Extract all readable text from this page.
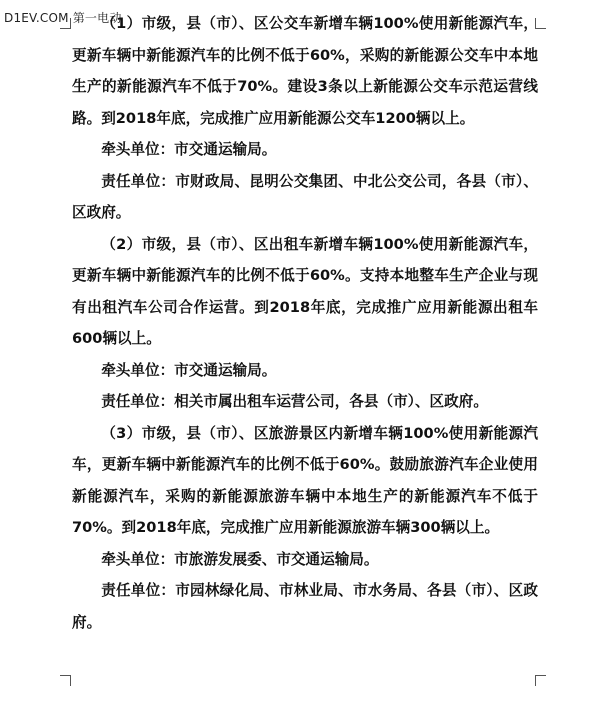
D1EV.COM 第一电动

（1）市级，县（市）、区公交车新增车辆100%使用新能源汽车，更新车辆中新能源汽车的比例不低于60%，采购的新能源公交车中本地生产的新能源汽车不低于70%。建设3条以上新能源公交车示范运营线路。到2018年底，完成推广应用新能源公交车1200辆以上。

牵头单位：市交通运输局。

责任单位：市财政局、昆明公交集团、中北公交公司，各县（市）、区政府。

（2）市级，县（市）、区出租车新增车辆100%使用新能源汽车，更新车辆中新能源汽车的比例不低于60%。支持本地整车生产企业与现有出租汽车公司合作运营。到2018年底，完成推广应用新能源出租车600辆以上。

牵头单位：市交通运输局。

责任单位：相关市属出租车运营公司，各县（市）、区政府。

（3）市级，县（市）、区旅游景区内新增车辆100%使用新能源汽车，更新车辆中新能源汽车的比例不低于60%。鼓励旅游汽车企业使用新能源汽车，采购的新能源旅游车辆中本地生产的新能源汽车不低于70%。到2018年底，完成推广应用新能源旅游车辆300辆以上。

牵头单位：市旅游发展委、市交通运输局。

责任单位：市园林绿化局、市林业局、市水务局、各县（市）、区政府。
